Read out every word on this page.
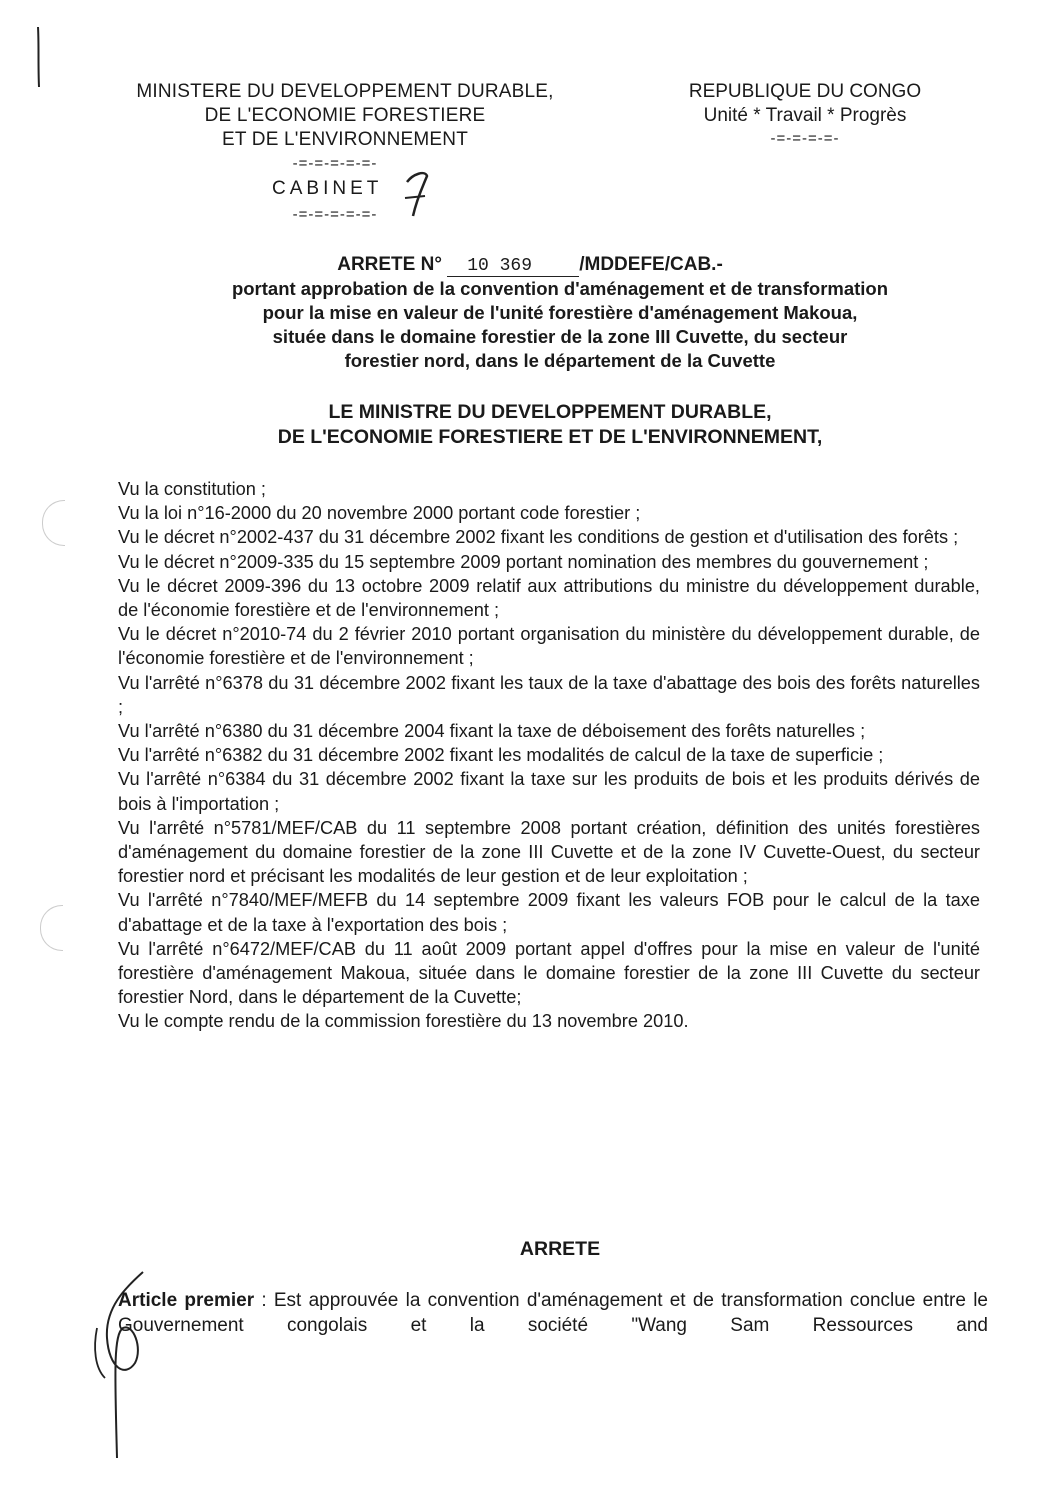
MINISTERE DU DEVELOPPEMENT DURABLE,
DE L'ECONOMIE FORESTIERE
ET DE L'ENVIRONNEMENT
-=-=-=-=-=-
CABINET
-=-=-=-=-=-
REPUBLIQUE DU CONGO
Unité * Travail * Progrès
-=-=-=-=-
ARRETE N° 10 369 /MDDEFE/CAB.-
portant approbation de la convention d'aménagement et de transformation
pour la mise en valeur de l'unité forestière d'aménagement Makoua,
située dans le domaine forestier de la zone III Cuvette, du secteur
forestier nord, dans le département de la Cuvette
LE MINISTRE DU DEVELOPPEMENT DURABLE,
DE L'ECONOMIE FORESTIERE ET DE L'ENVIRONNEMENT,

Vu la constitution ;

Vu la loi n°16-2000 du 20 novembre 2000 portant code forestier ;

Vu le décret n°2002-437 du 31 décembre 2002 fixant les conditions de gestion et d'utilisation des forêts ;

Vu le décret n°2009-335 du 15 septembre 2009 portant nomination des membres du gouvernement ;

Vu le décret 2009-396 du 13 octobre 2009 relatif aux attributions du ministre du développement durable, de l'économie forestière et de l'environnement ;

Vu le décret n°2010-74 du 2 février 2010 portant organisation du ministère du développement durable, de l'économie forestière et de l'environnement ;

Vu l'arrêté n°6378 du 31 décembre 2002 fixant les taux de la taxe d'abattage des bois des forêts naturelles ;

Vu l'arrêté n°6380 du 31 décembre 2004 fixant la taxe de déboisement des forêts naturelles ;

Vu l'arrêté n°6382 du 31 décembre 2002 fixant les modalités de calcul de la taxe de superficie ;

Vu l'arrêté n°6384 du 31 décembre 2002 fixant la taxe sur les produits de bois et les produits dérivés de bois à l'importation ;

Vu l'arrêté n°5781/MEF/CAB du 11 septembre 2008 portant création, définition des unités forestières d'aménagement du domaine forestier de la zone III Cuvette et de la zone IV Cuvette-Ouest, du secteur forestier nord et précisant les modalités de leur gestion et de leur exploitation ;

Vu l'arrêté n°7840/MEF/MEFB du 14 septembre 2009 fixant les valeurs FOB pour le calcul de la taxe d'abattage et de la taxe à l'exportation des bois ;

Vu l'arrêté n°6472/MEF/CAB du 11 août 2009 portant appel d'offres pour la mise en valeur de l'unité forestière d'aménagement Makoua, située dans le domaine forestier de la zone III Cuvette du secteur forestier Nord, dans le département de la Cuvette;

Vu le compte rendu de la commission forestière du 13 novembre 2010.

ARRETE
Article premier : Est approuvée la convention d'aménagement et de transformation conclue entre le Gouvernement congolais et la société "Wang Sam Ressources and
